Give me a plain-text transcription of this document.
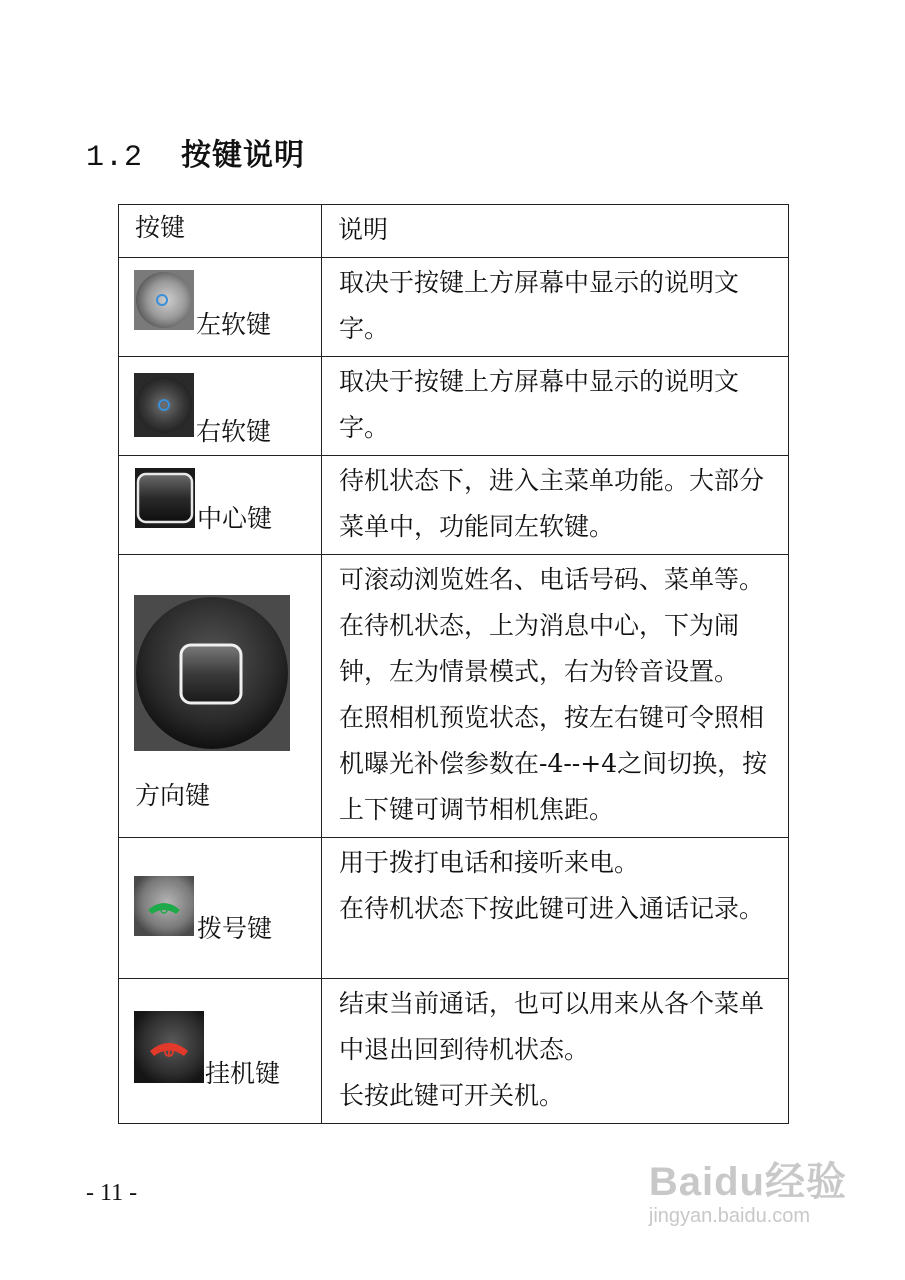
1.2 按键说明
按键	说明

左软键	取决于按键上方屏幕中显示的说明文字。

右软键	取决于按键上方屏幕中显示的说明文字。

中心键	待机状态下，进入主菜单功能。大部分菜单中，功能同左软键。

方向键	可滚动浏览姓名、电话号码、菜单等。

在待机状态，上为消息中心，下为闹钟，左为情景模式，右为铃音设置。

在照相机预览状态，按左右键可令照相机曝光补偿参数在-4--+4之间切换，按上下键可调节相机焦距。

拨号键	用于拨打电话和接听来电。

在待机状态下按此键可进入通话记录。

挂机键	结束当前通话，也可以用来从各个菜单中退出回到待机状态。

长按此键可开关机。

- 11 -	Baidu经验
jingyan.baidu.com
